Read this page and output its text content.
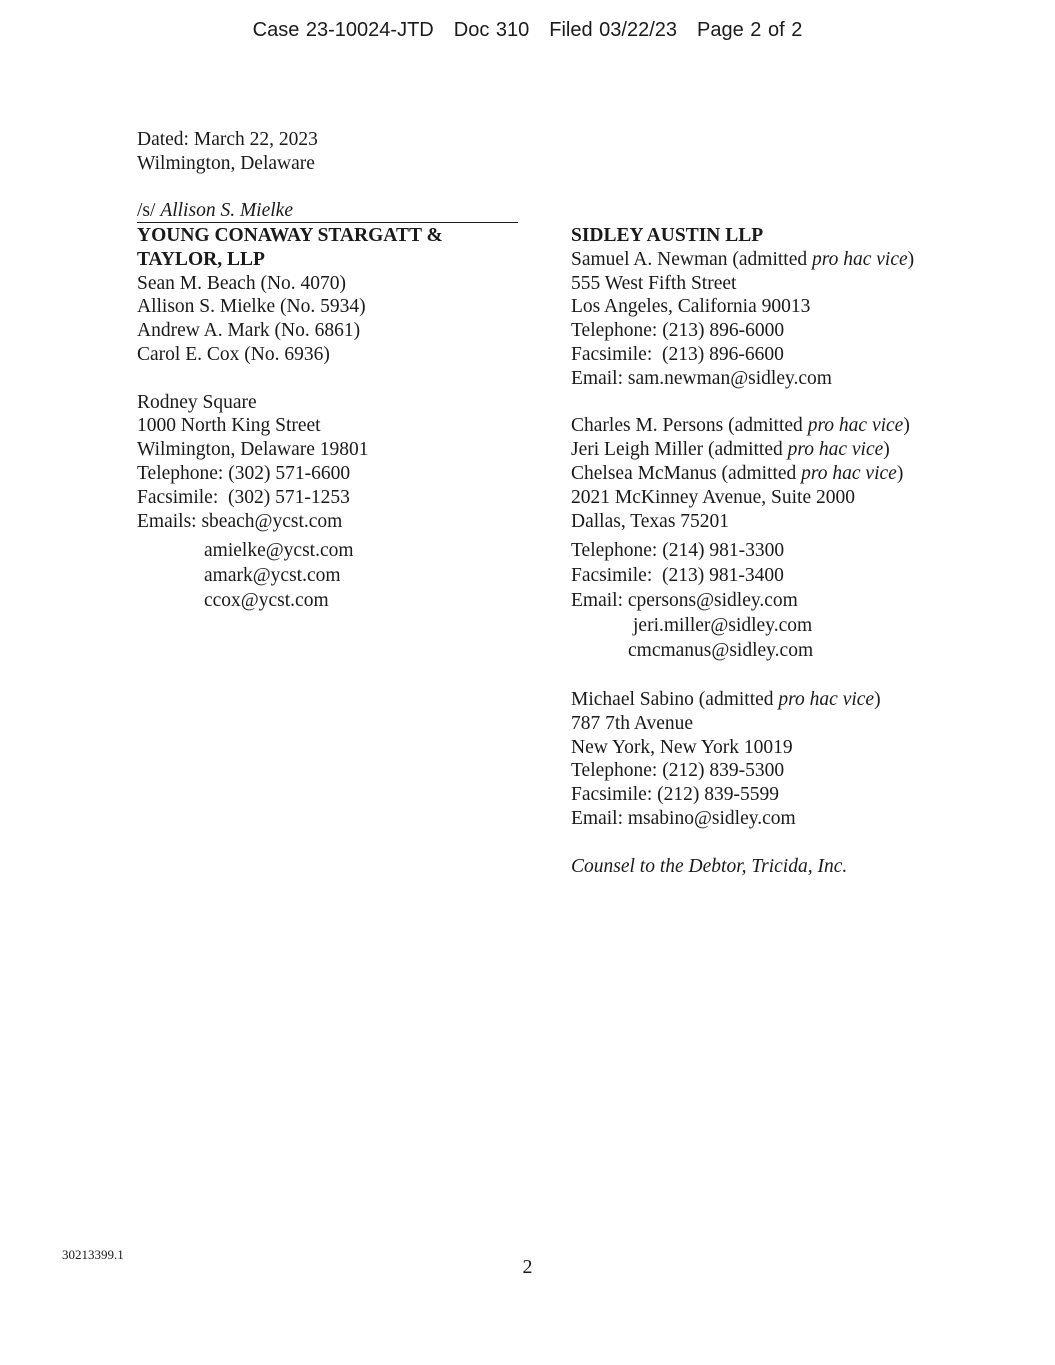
Case 23-10024-JTD Doc 310 Filed 03/22/23 Page 2 of 2
Dated: March 22, 2023
Wilmington, Delaware
/s/ Allison S. Mielke
YOUNG CONAWAY STARGATT &
TAYLOR, LLP
Sean M. Beach (No. 4070)
Allison S. Mielke (No. 5934)
Andrew A. Mark (No. 6861)
Carol E. Cox (No. 6936)
Rodney Square
1000 North King Street
Wilmington, Delaware 19801
Telephone: (302) 571-6600
Facsimile:  (302) 571-1253
Emails: sbeach@ycst.com
amielke@ycst.com
amark@ycst.com
ccox@ycst.com
SIDLEY AUSTIN LLP
Samuel A. Newman (admitted pro hac vice)
555 West Fifth Street
Los Angeles, California 90013
Telephone: (213) 896-6000
Facsimile:  (213) 896-6600
Email: sam.newman@sidley.com
Charles M. Persons (admitted pro hac vice)
Jeri Leigh Miller (admitted pro hac vice)
Chelsea McManus (admitted pro hac vice)
2021 McKinney Avenue, Suite 2000
Dallas, Texas 75201
Telephone: (214) 981-3300
Facsimile:  (213) 981-3400
Email: cpersons@sidley.com
jeri.miller@sidley.com
cmcmanus@sidley.com
Michael Sabino (admitted pro hac vice)
787 7th Avenue
New York, New York 10019
Telephone: (212) 839-5300
Facsimile: (212) 839-5599
Email: msabino@sidley.com
Counsel to the Debtor, Tricida, Inc.
30213399.1
2
